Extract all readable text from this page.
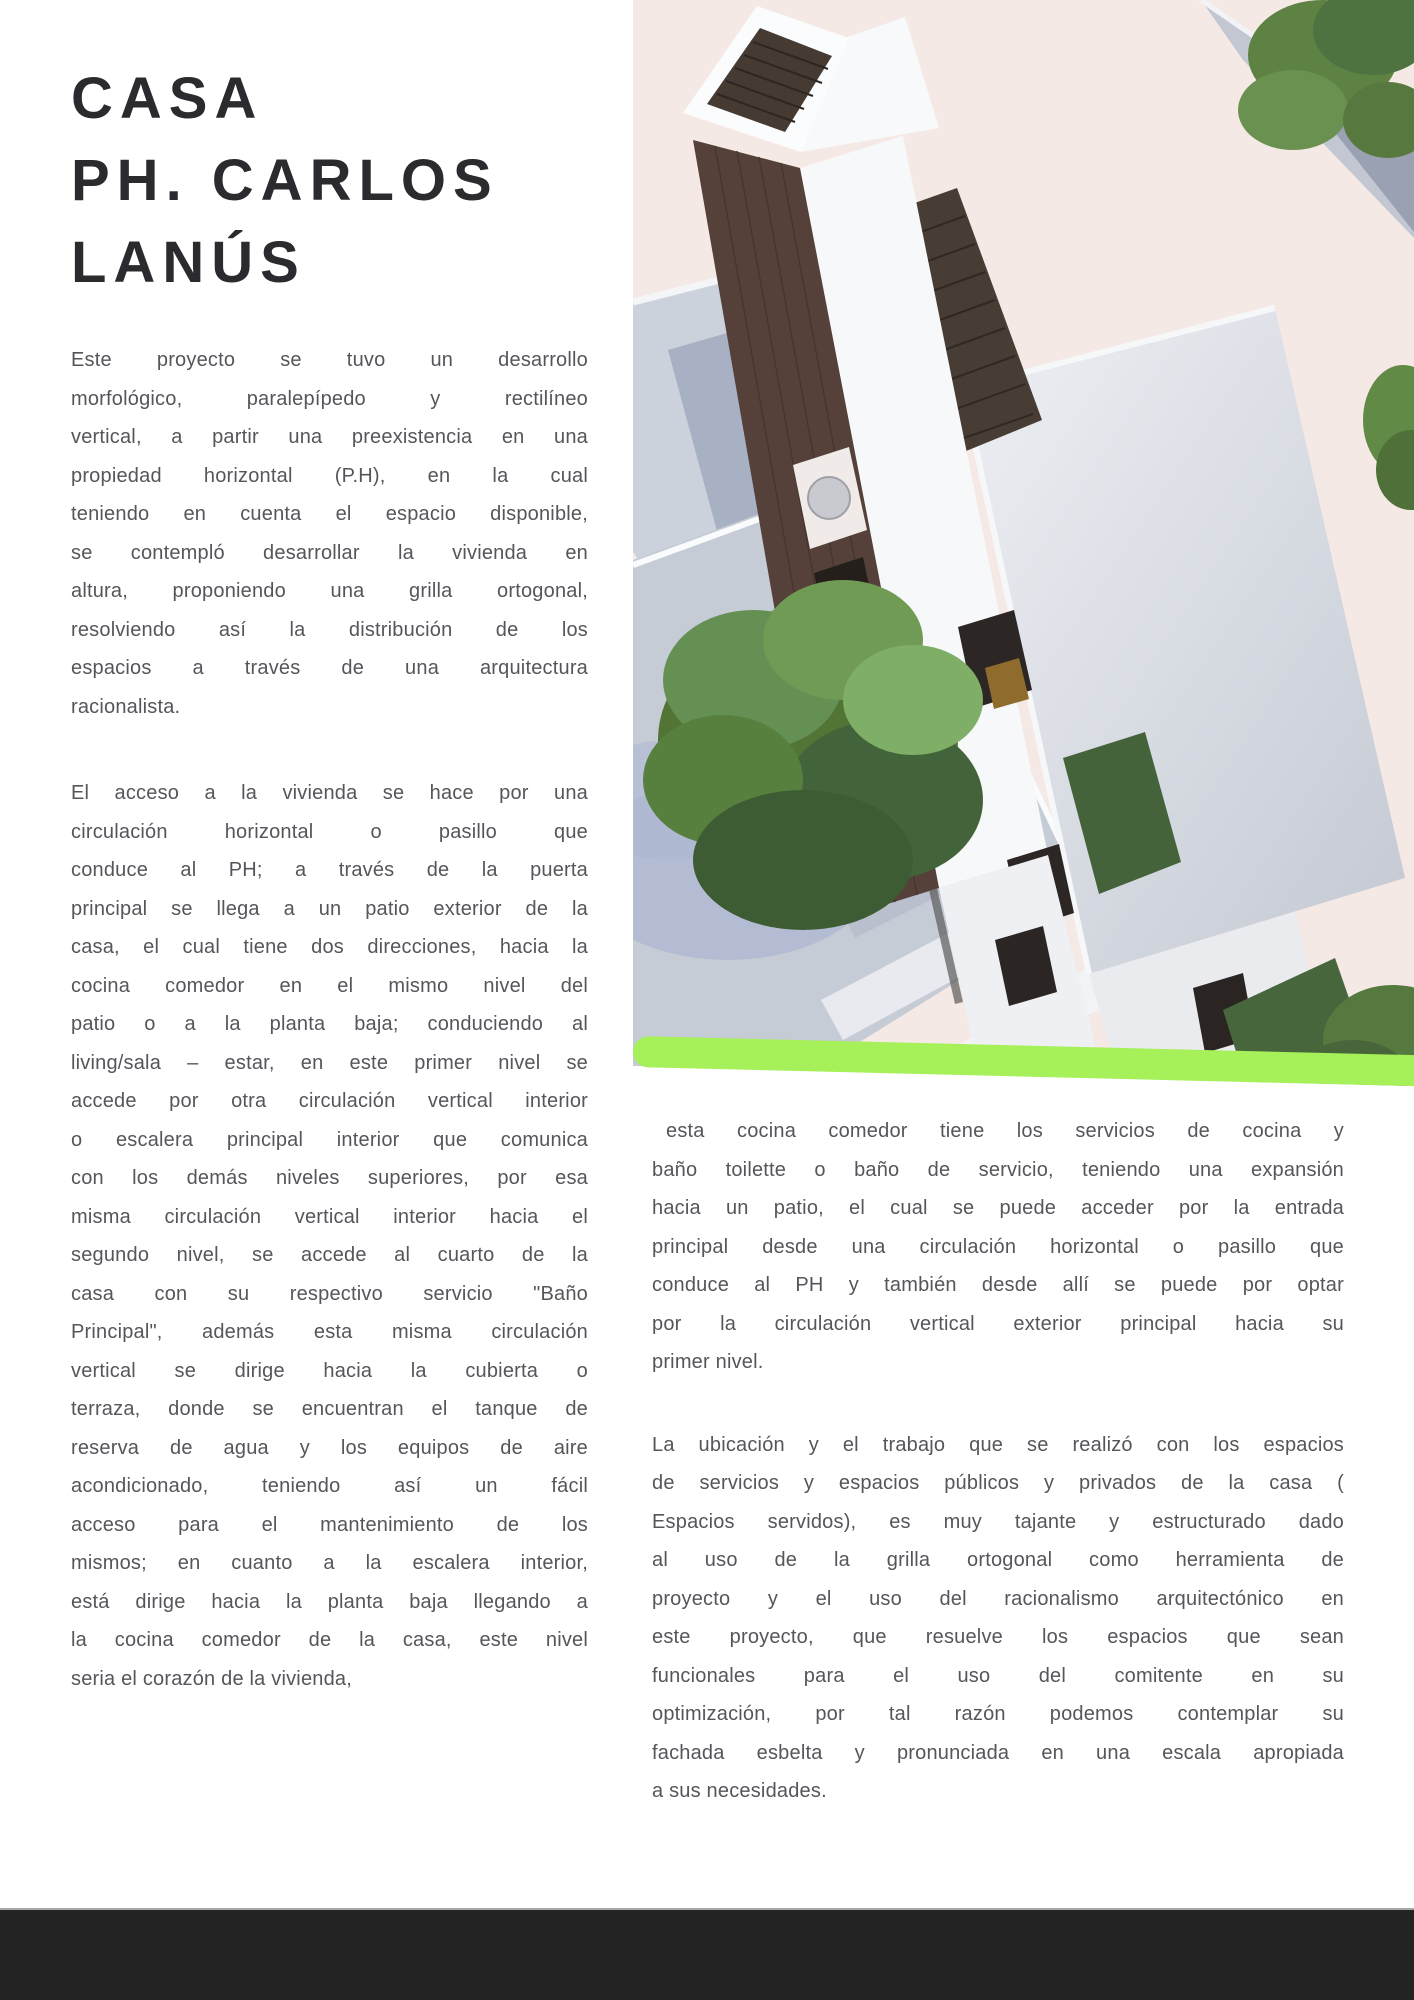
CASA
PH. CARLOS
LANÚS
Este proyecto se tuvo un desarrollo
morfológico, paralepípedo y rectilíneo
vertical, a partir una preexistencia en una
propiedad horizontal (P.H), en la cual
teniendo en cuenta el espacio disponible,
se contempló desarrollar la vivienda en
altura, proponiendo una grilla ortogonal,
resolviendo así la distribución de los
espacios a través de una arquitectura
racionalista.
El acceso a la vivienda se hace por una
circulación horizontal o pasillo que
conduce al PH; a través de la puerta
principal se llega a un patio exterior de la
casa, el cual tiene dos direcciones, hacia la
cocina comedor en el mismo nivel del
patio o a la planta baja; conduciendo al
living/sala – estar, en este primer nivel se
accede por otra circulación vertical interior
o escalera principal interior que comunica
con los demás niveles superiores, por esa
misma circulación vertical interior hacia el
segundo nivel, se accede al cuarto de la
casa con su respectivo servicio "Baño
Principal", además esta misma circulación
vertical se dirige hacia la cubierta o
terraza, donde se encuentran el tanque de
reserva de agua y los equipos de aire
acondicionado, teniendo así un fácil
acceso para el mantenimiento de los
mismos; en cuanto a la escalera interior,
está dirige hacia la planta baja llegando a
la cocina comedor de la casa, este nivel
seria el corazón de la vivienda,
esta cocina comedor tiene los servicios de cocina y
baño toilette o baño de servicio, teniendo una expansión
hacia un patio, el cual se puede acceder por la entrada
principal desde una circulación horizontal o pasillo que
conduce al PH y también desde allí se puede por optar
por la circulación vertical exterior principal hacia su
primer nivel.
La ubicación y el trabajo que se realizó con los espacios
de servicios y espacios públicos y privados de la casa (
Espacios servidos), es muy tajante y estructurado dado
al uso de la grilla ortogonal como herramienta de
proyecto y el uso del racionalismo arquitectónico en
este proyecto, que resuelve los espacios que sean
funcionales para el uso del comitente en su
optimización, por tal razón podemos contemplar su
fachada esbelta y pronunciada en una escala apropiada
a sus necesidades.
